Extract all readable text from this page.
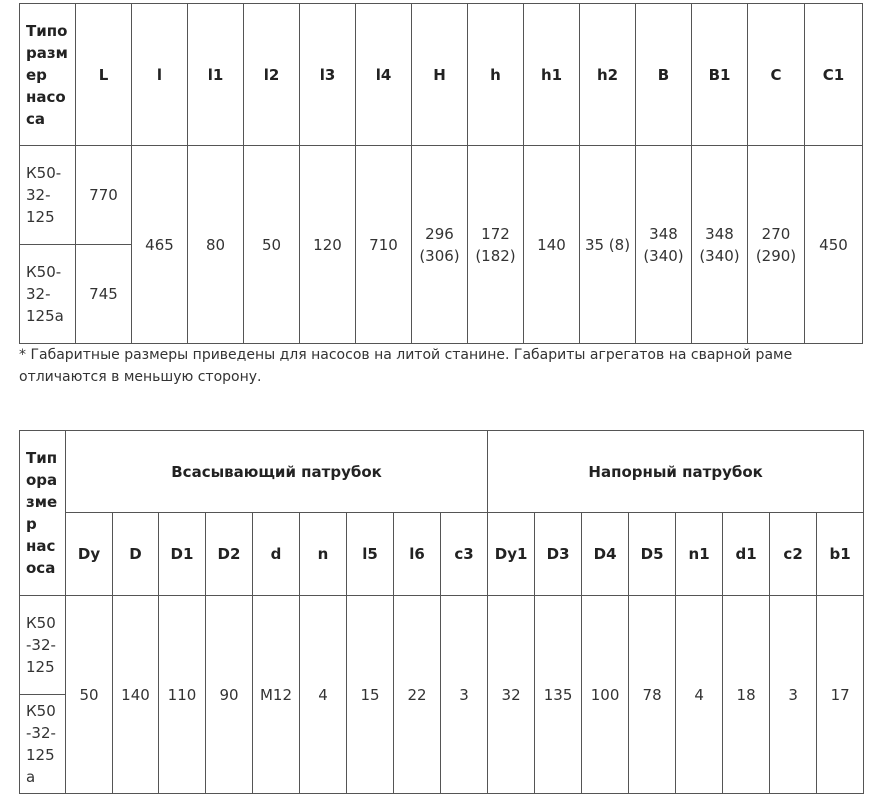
Типо разм ер насо са	L	l	l1	l2	l3	l4	H	h	h1	h2	B	B1	C	C1
К50- 32- 125	770	465	80	50	120	710	296 (306)	172 (182)	140	35 (8)	348 (340)	348 (340)	270 (290)	450
К50- 32- 125а	745													
* Габаритные размеры приведены для насосов на литой станине. Габариты агрегатов на сварной раме отличаются в меньшую сторону.
Тип ора зме р нас оса	Всасывающий патрубок									Напорный патрубок							
	Dy	D	D1	D2	d	n	l5	l6	c3	Dy1	D3	D4	D5	n1	d1	c2	b1
К50 -32- 125	50	140	110	90	M12	4	15	22	3	32	135	100	78	4	18	3	17
К50 -32- 125 а																	
